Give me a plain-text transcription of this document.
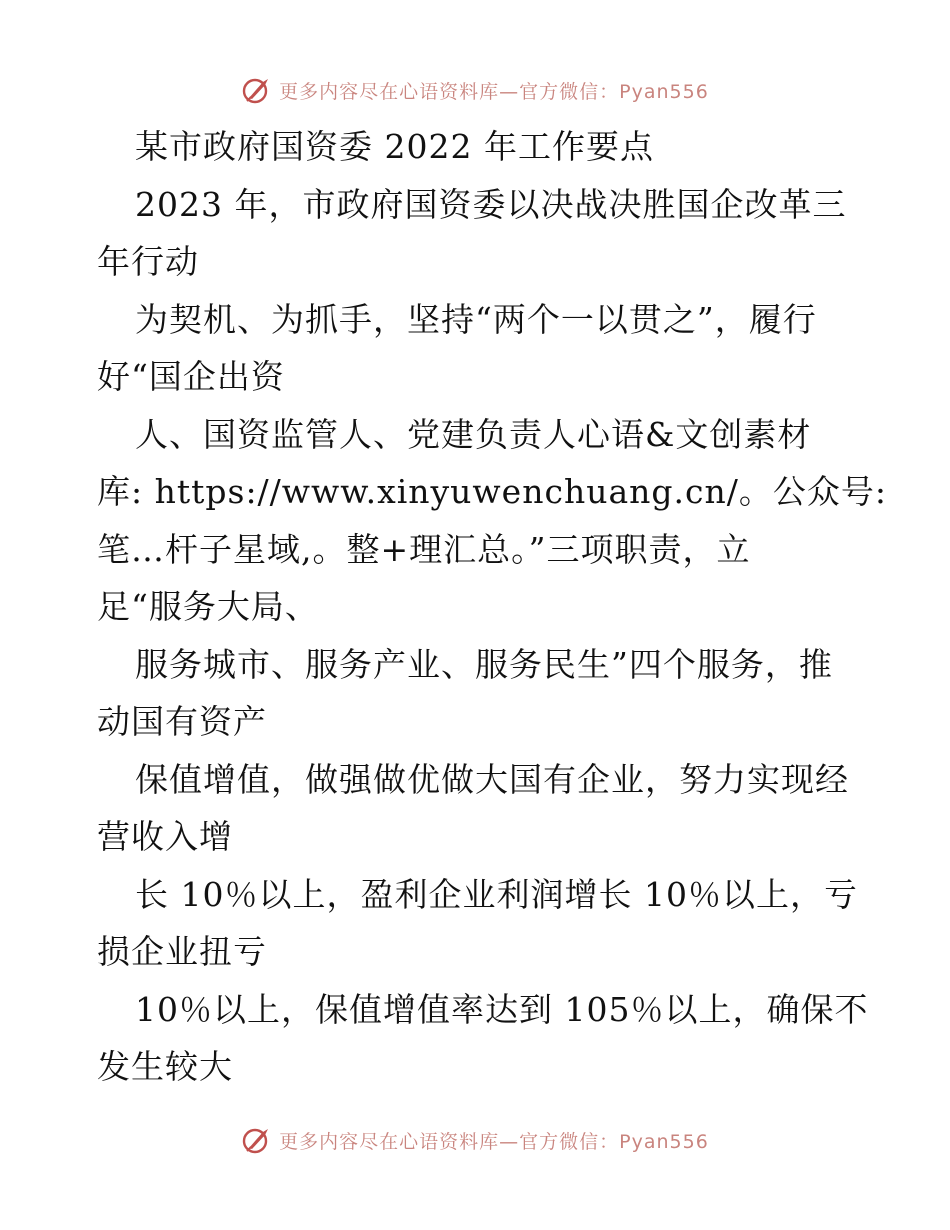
更多内容尽在心语资料库—官方微信：Pyan556
某市政府国资委 2022 年工作要点
2023 年，市政府国资委以决战决胜国企改革三
年行动
为契机、为抓手，坚持“两个一以贯之”，履行
好“国企出资
人、国资监管人、党建负责人心语&文创素材
库: https://www.xinyuwenchuang.cn/。公众号:
笔…杆子星域,。整+理汇总。”三项职责，立
足“服务大局、
服务城市、服务产业、服务民生”四个服务，推
动国有资产
保值增值，做强做优做大国有企业，努力实现经
营收入增
长 10％以上，盈利企业利润增长 10％以上，亏
损企业扭亏
10％以上，保值增值率达到 105％以上，确保不
发生较大
更多内容尽在心语资料库—官方微信：Pyan556
